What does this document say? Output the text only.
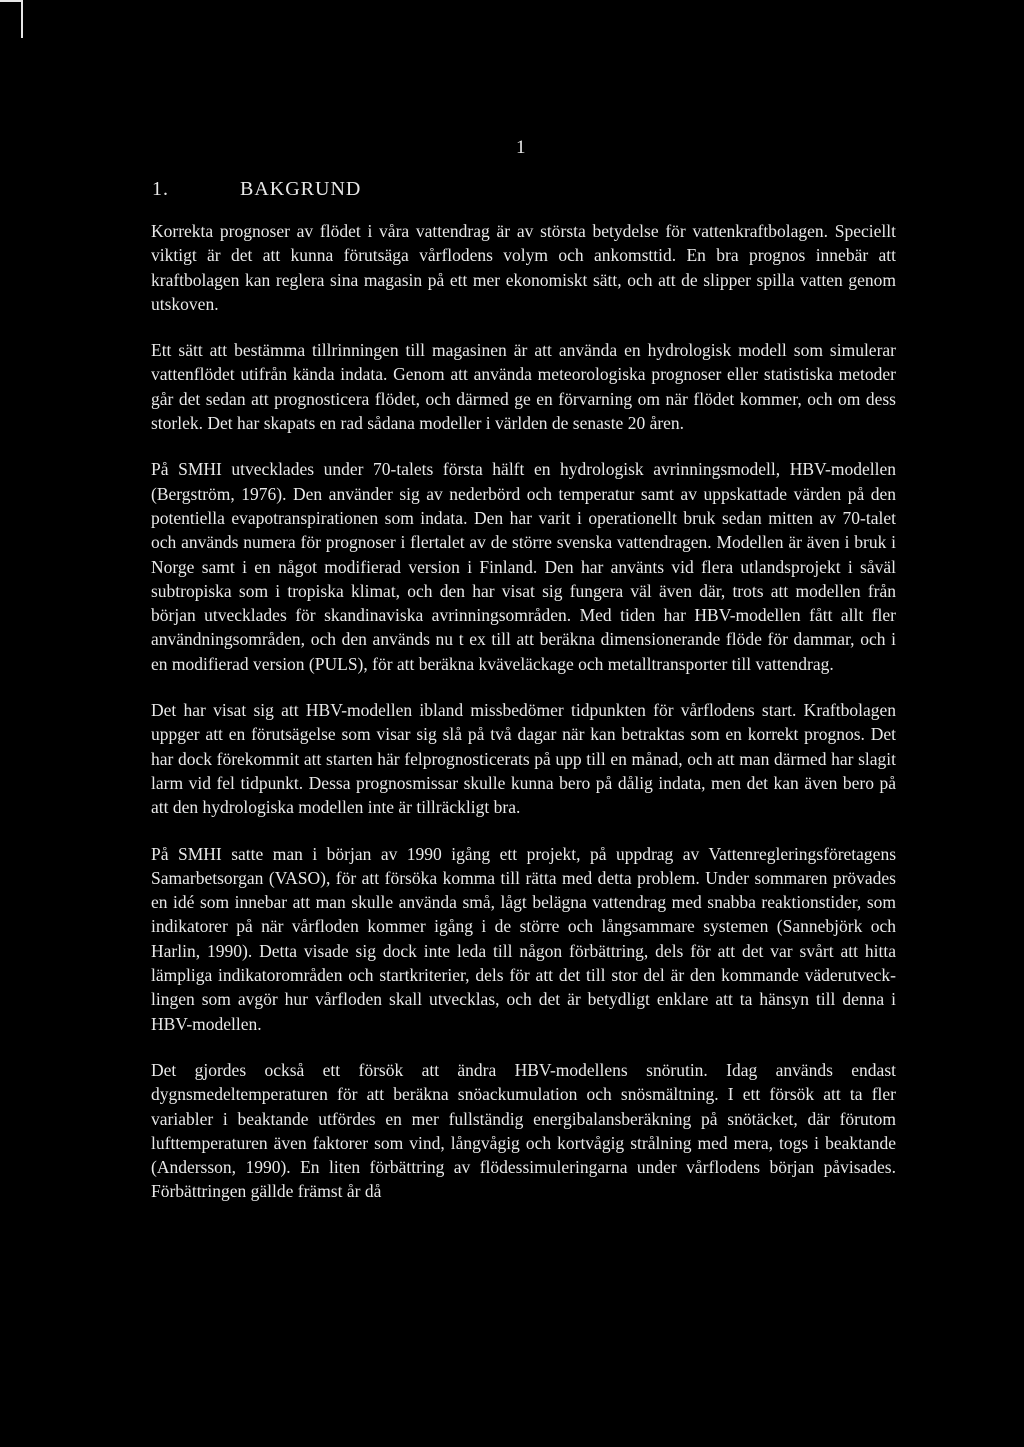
1
1.	BAKGRUND

Korrekta prognoser av flödet i våra vattendrag är av största betydelse för vattenkraftbolagen. Speciellt viktigt är det att kunna förutsäga vårflodens volym och ankomsttid. En bra prognos innebär att kraftbolagen kan reglera sina magasin på ett mer ekonomiskt sätt, och att de slipper spilla vatten genom utskoven.

Ett sätt att bestämma tillrinningen till magasinen är att använda en hydrologisk modell som simulerar vattenflödet utifrån kända indata. Genom att använda meteorologiska prognoser eller statistiska metoder går det sedan att prognosticera flödet, och därmed ge en förvarning om när flödet kommer, och om dess storlek. Det har skapats en rad sådana modeller i världen de senaste 20 åren.

På SMHI utvecklades under 70-talets första hälft en hydrologisk avrinningsmodell, HBV-modellen (Bergström, 1976). Den använder sig av nederbörd och temperatur samt av uppskattade värden på den potentiella evapotranspirationen som indata. Den har varit i operationellt bruk sedan mitten av 70-talet och används numera för prognoser i flertalet av de större svenska vattendragen. Modellen är även i bruk i Norge samt i en något modifierad version i Finland. Den har använts vid flera utlandsprojekt i såväl subtropiska som i tropiska klimat, och den har visat sig fungera väl även där, trots att modellen från början utvecklades för skandinaviska avrinningsområden. Med tiden har HBV-modellen fått allt fler användningsområden, och den används nu t ex till att beräkna dimensionerande flöde för dammar, och i en modifierad version (PULS), för att beräkna kväveläckage och metalltransporter till vattendrag.

Det har visat sig att HBV-modellen ibland missbedömer tidpunkten för vårflodens start. Kraftbolagen uppger att en förutsägelse som visar sig slå på två dagar när kan betraktas som en korrekt prognos. Det har dock förekommit att starten här felprognosticerats på upp till en månad, och att man därmed har slagit larm vid fel tidpunkt. Dessa prognosmissar skulle kunna bero på dålig indata, men det kan även bero på att den hydrologiska modellen inte är tillräckligt bra.

På SMHI satte man i början av 1990 igång ett projekt, på uppdrag av Vattenregleringsföretagens Samarbetsorgan (VASO), för att försöka komma till rätta med detta problem. Under sommaren prövades en idé som innebar att man skulle använda små, lågt belägna vattendrag med snabba reaktionstider, som indikatorer på när vårfloden kommer igång i de större och långsammare systemen (Sannebjörk och Harlin, 1990). Detta visade sig dock inte leda till någon förbättring, dels för att det var svårt att hitta lämpliga indikatorområden och startkriterier, dels för att det till stor del är den kommande väderutvecklingen som avgör hur vårfloden skall utvecklas, och det är betydligt enklare att ta hänsyn till denna i HBV-modellen.

Det gjordes också ett försök att ändra HBV-modellens snörutin. Idag används endast dygnsmedeltemperaturen för att beräkna snöackumulation och snösmältning. I ett försök att ta fler variabler i beaktande utfördes en mer fullständig energibalansberäkning på snötäcket, där förutom lufttemperaturen även faktorer som vind, långvågig och kortvågig strålning med mera, togs i beaktande (Andersson, 1990). En liten förbättring av flödessimuleringarna under vårflodens början påvisades. Förbättringen gällde främst år då
